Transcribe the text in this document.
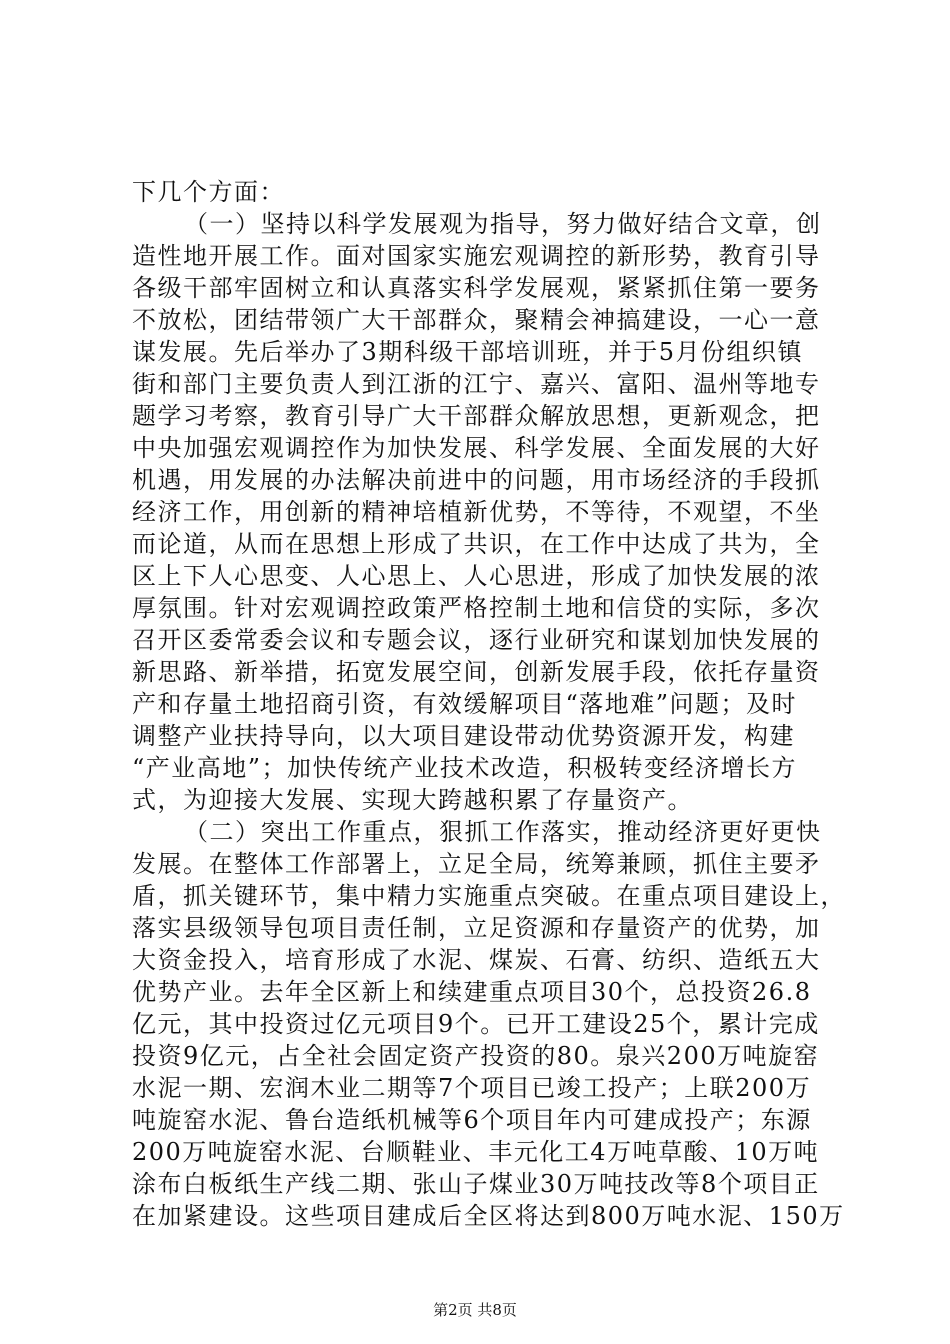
下几个方面：
（一）坚持以科学发展观为指导，努力做好结合文章，创
造性地开展工作。面对国家实施宏观调控的新形势，教育引导
各级干部牢固树立和认真落实科学发展观，紧紧抓住第一要务
不放松，团结带领广大干部群众，聚精会神搞建设，一心一意
谋发展。先后举办了3期科级干部培训班，并于5月份组织镇
街和部门主要负责人到江浙的江宁、嘉兴、富阳、温州等地专
题学习考察，教育引导广大干部群众解放思想，更新观念，把
中央加强宏观调控作为加快发展、科学发展、全面发展的大好
机遇，用发展的办法解决前进中的问题，用市场经济的手段抓
经济工作，用创新的精神培植新优势，不等待，不观望，不坐
而论道，从而在思想上形成了共识，在工作中达成了共为，全
区上下人心思变、人心思上、人心思进，形成了加快发展的浓
厚氛围。针对宏观调控政策严格控制土地和信贷的实际，多次
召开区委常委会议和专题会议，逐行业研究和谋划加快发展的
新思路、新举措，拓宽发展空间，创新发展手段，依托存量资
产和存量土地招商引资，有效缓解项目“落地难”问题；及时
调整产业扶持导向，以大项目建设带动优势资源开发，构建
“产业高地”；加快传统产业技术改造，积极转变经济增长方
式，为迎接大发展、实现大跨越积累了存量资产。
（二）突出工作重点，狠抓工作落实，推动经济更好更快
发展。在整体工作部署上，立足全局，统筹兼顾，抓住主要矛
盾，抓关键环节，集中精力实施重点突破。在重点项目建设上，
落实县级领导包项目责任制，立足资源和存量资产的优势，加
大资金投入，培育形成了水泥、煤炭、石膏、纺织、造纸五大
优势产业。去年全区新上和续建重点项目30个，总投资26.8
亿元，其中投资过亿元项目9个。已开工建设25个，累计完成
投资9亿元，占全社会固定资产投资的80。泉兴200万吨旋窑
水泥一期、宏润木业二期等7个项目已竣工投产；上联200万
吨旋窑水泥、鲁台造纸机械等6个项目年内可建成投产；东源
200万吨旋窑水泥、台顺鞋业、丰元化工4万吨草酸、10万吨
涂布白板纸生产线二期、张山子煤业30万吨技改等8个项目正
在加紧建设。这些项目建成后全区将达到800万吨水泥、150万
第2页 共8页
